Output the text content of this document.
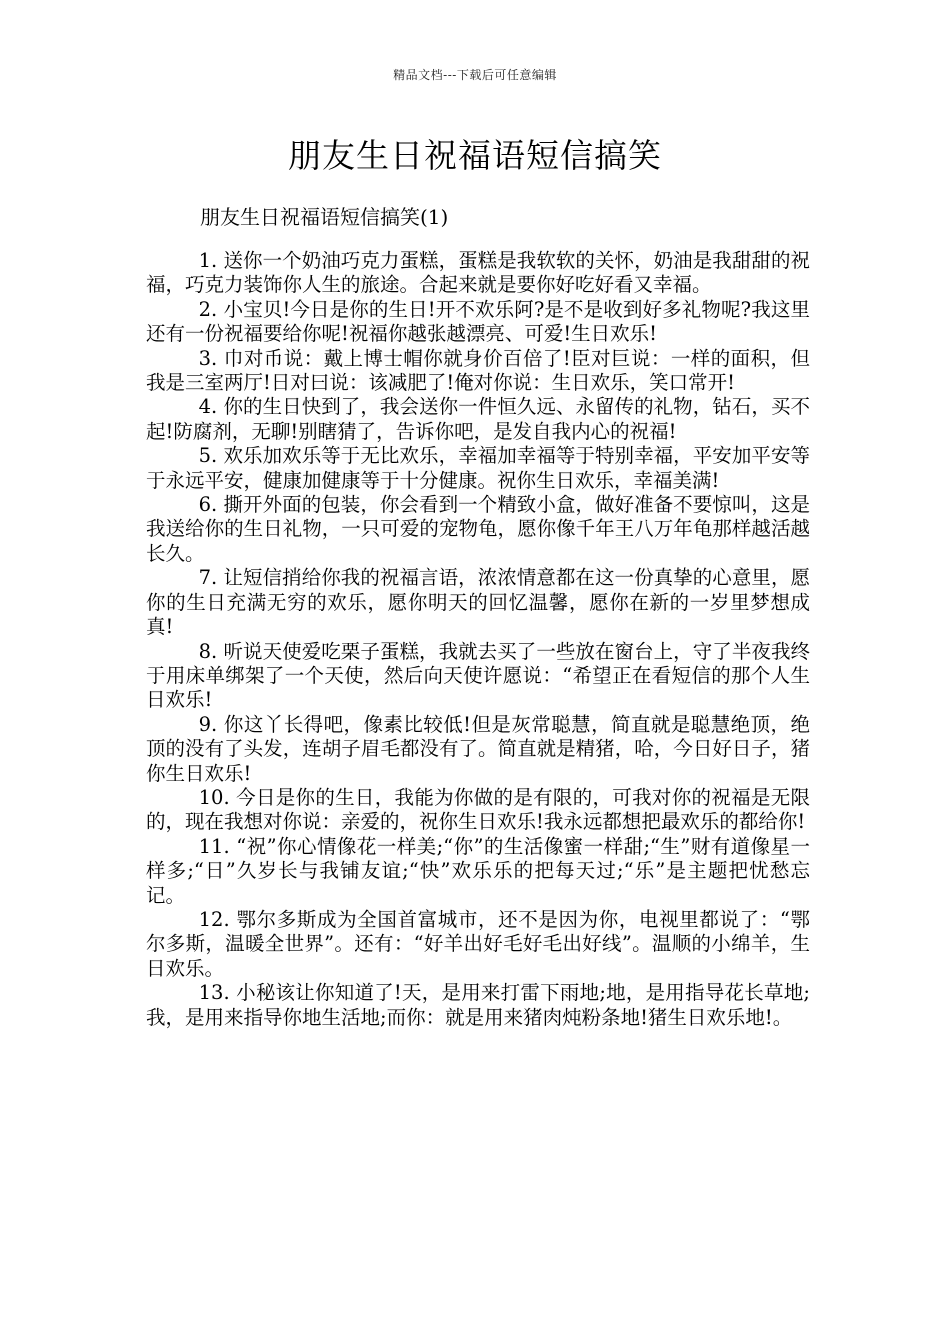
精品文档---下载后可任意编辑
朋友生日祝福语短信搞笑

朋友生日祝福语短信搞笑(1)

1. 送你一个奶油巧克力蛋糕，蛋糕是我软软的关怀，奶油是我甜甜的祝福，巧克力装饰你人生的旅途。合起来就是要你好吃好看又幸福。

2. 小宝贝!今日是你的生日!开不欢乐阿?是不是收到好多礼物呢?我这里还有一份祝福要给你呢!祝福你越张越漂亮、可爱!生日欢乐!

3. 巾对币说：戴上博士帽你就身价百倍了!臣对巨说：一样的面积，但我是三室两厅!日对曰说：该减肥了!俺对你说：生日欢乐，笑口常开!

4. 你的生日快到了，我会送你一件恒久远、永留传的礼物，钻石，买不起!防腐剂，无聊!别瞎猜了，告诉你吧，是发自我内心的祝福!

5. 欢乐加欢乐等于无比欢乐，幸福加幸福等于特别幸福，平安加平安等于永远平安，健康加健康等于十分健康。祝你生日欢乐，幸福美满!

6. 撕开外面的包装，你会看到一个精致小盒，做好准备不要惊叫，这是我送给你的生日礼物，一只可爱的宠物龟，愿你像千年王八万年龟那样越活越长久。

7. 让短信捎给你我的祝福言语，浓浓情意都在这一份真挚的心意里，愿你的生日充满无穷的欢乐，愿你明天的回忆温馨，愿你在新的一岁里梦想成真!

8. 听说天使爱吃栗子蛋糕，我就去买了一些放在窗台上，守了半夜我终于用床单绑架了一个天使，然后向天使许愿说：“希望正在看短信的那个人生日欢乐!

9. 你这丫长得吧，像素比较低!但是灰常聪慧，简直就是聪慧绝顶，绝顶的没有了头发，连胡子眉毛都没有了。简直就是精猪，哈，今日好日子，猪你生日欢乐!

10. 今日是你的生日，我能为你做的是有限的，可我对你的祝福是无限的，现在我想对你说：亲爱的，祝你生日欢乐!我永远都想把最欢乐的都给你!

11. “祝”你心情像花一样美;“你”的生活像蜜一样甜;“生”财有道像星一样多;“日”久岁长与我铺友谊;“快”欢乐乐的把每天过;“乐”是主题把忧愁忘记。

12. 鄂尔多斯成为全国首富城市，还不是因为你，电视里都说了：“鄂尔多斯，温暖全世界”。还有：“好羊出好毛好毛出好线”。温顺的小绵羊，生日欢乐。

13. 小秘该让你知道了!天，是用来打雷下雨地;地，是用指导花长草地;我，是用来指导你地生活地;而你：就是用来猪肉炖粉条地!猪生日欢乐地!。
